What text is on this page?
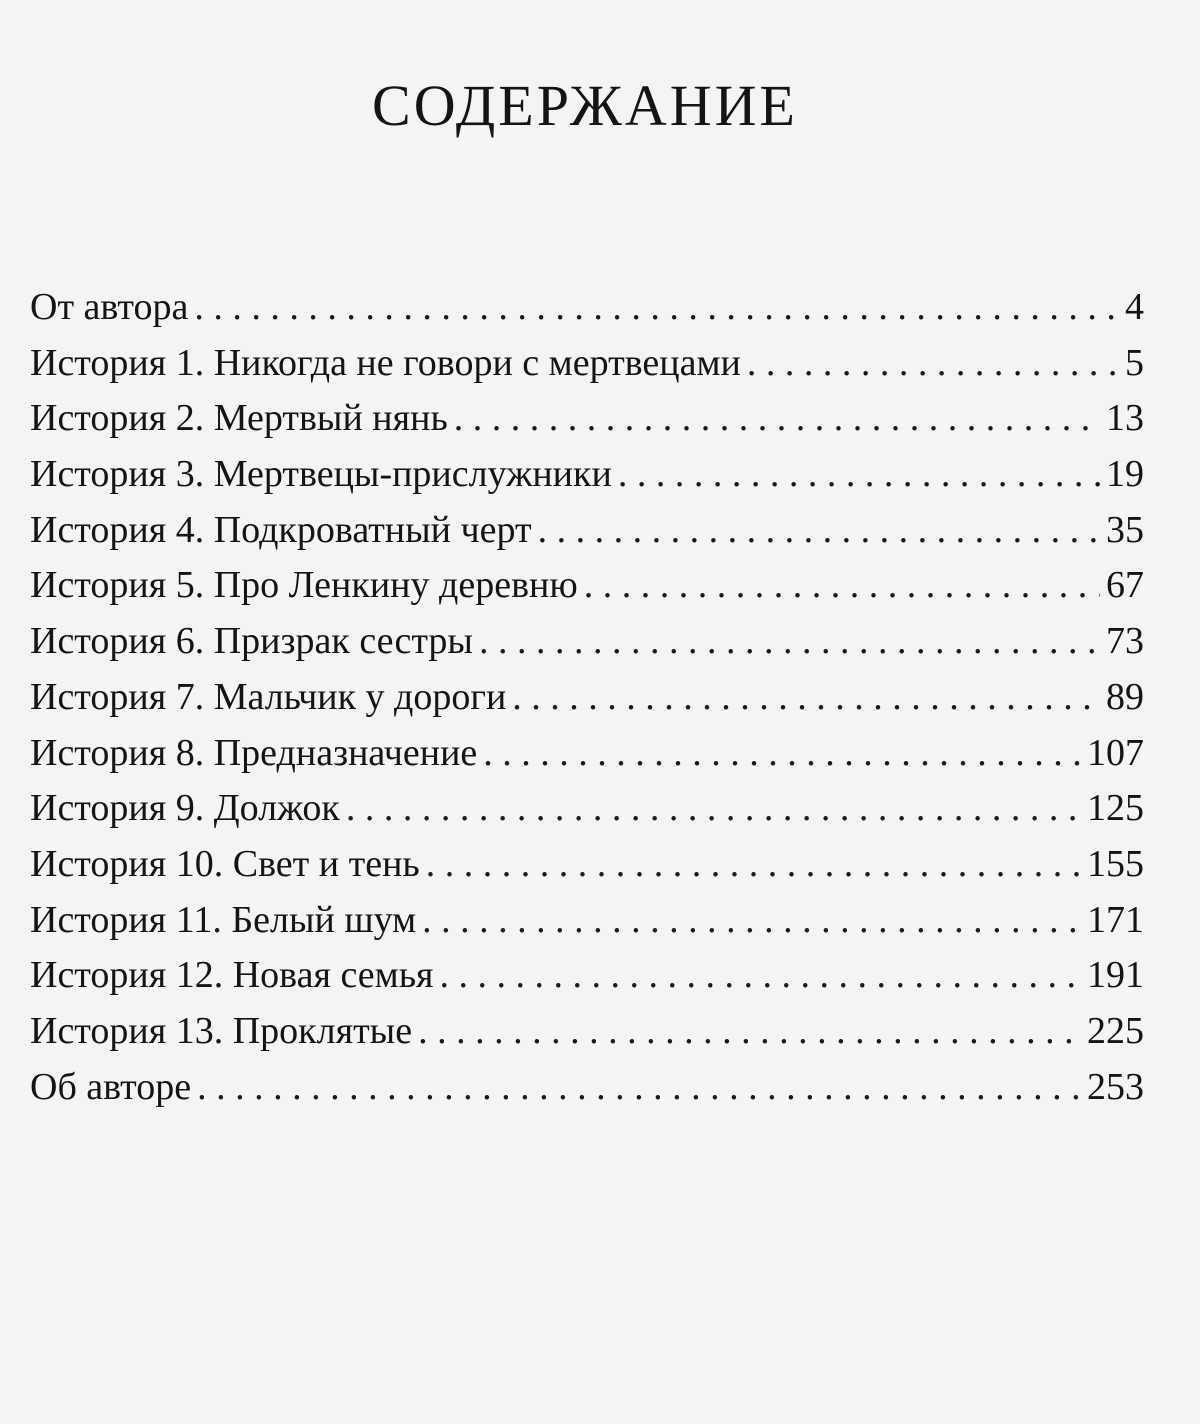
СОДЕРЖАНИЕ
От автора . . .	4
История 1. Никогда не говори с мертвецами . . .	5
История 2. Мертвый нянь . . .	13
История 3. Мертвецы-прислужники . . .	19
История 4. Подкроватный черт . . .	35
История 5. Про Ленкину деревню . . .	67
История 6. Призрак сестры . . .	73
История 7. Мальчик у дороги . . .	89
История 8. Предназначение . . .	107
История 9. Должок . . .	125
История 10. Свет и тень . . .	155
История 11. Белый шум . . .	171
История 12. Новая семья . . .	191
История 13. Проклятые . . .	225
Об авторе . . .	253
